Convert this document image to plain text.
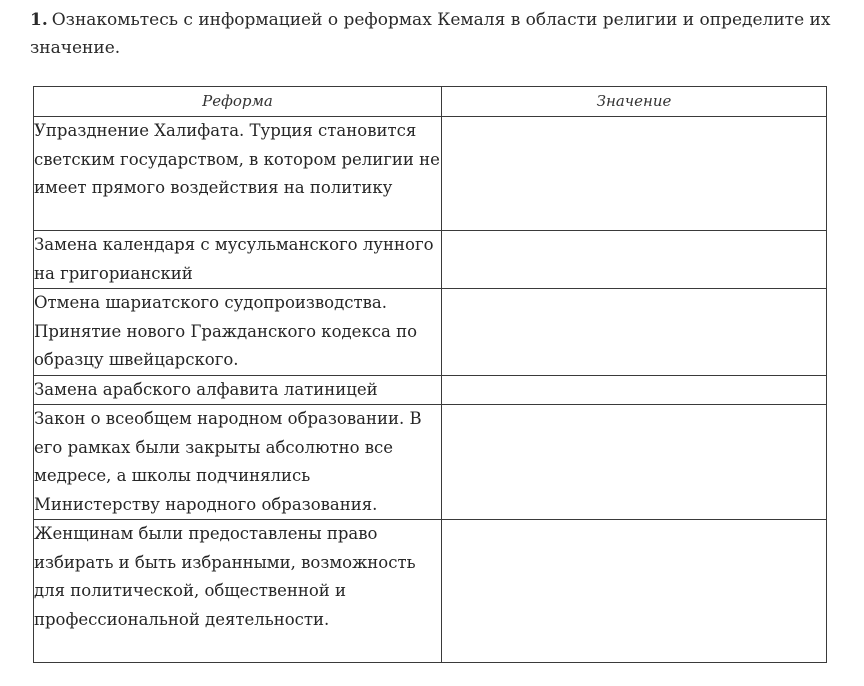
1. Ознакомьтесь с информацией о реформах Кемаля в области религии и определите их значение.
Реформа	Значение
Упразднение Халифата. Турция становится светским государством, в котором религии не имеет прямого воздействия на политику	
Замена календаря с мусульманского лунного на григорианский	
Отмена шариатского судопроизводства. Принятие нового Гражданского кодекса по образцу швейцарского.	
Замена арабского алфавита латиницей	
Закон о всеобщем народном образовании. В его рамках были закрыты абсолютно все медресе, а школы подчинялись Министерству народного образования.	
Женщинам были предоставлены право избирать и быть избранными, возможность для политической, общественной и профессиональной деятельности.	
